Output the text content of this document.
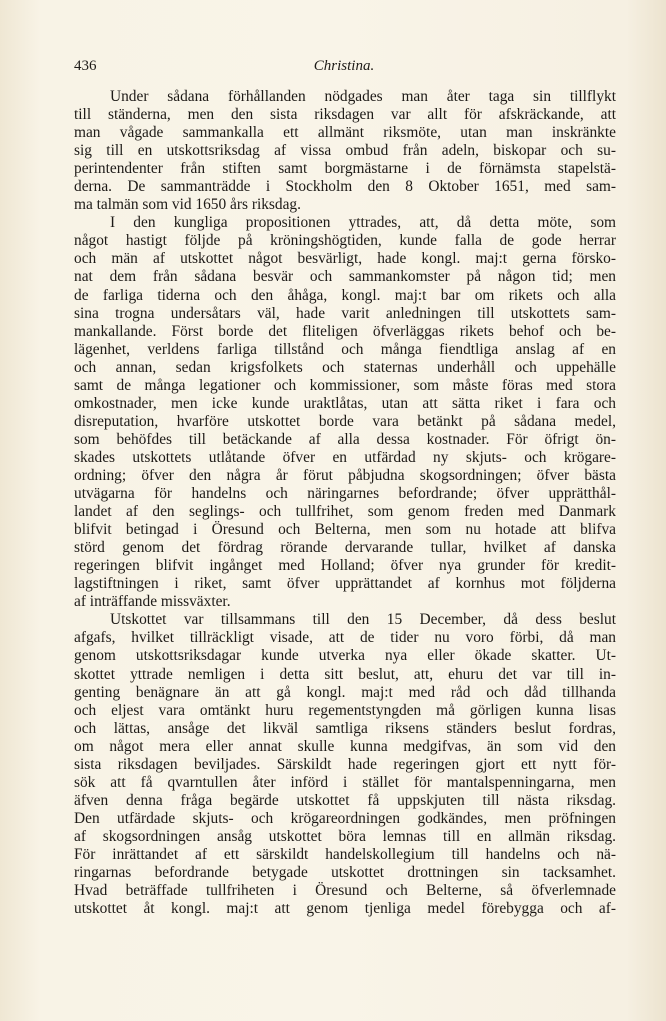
436	Christina.
Under sådana förhållanden nödgades man åter taga sin tillflykt
till ständerna, men den sista riksdagen var allt för afskräckande, att
man vågade sammankalla ett allmänt riksmöte, utan man inskränkte
sig till en utskottsriksdag af vissa ombud från adeln, biskopar och su-
perintendenter från stiften samt borgmästarne i de förnämsta stapelstä-
derna. De sammanträdde i Stockholm den 8 Oktober 1651, med sam-
ma talmän som vid 1650 års riksdag.
I den kungliga propositionen yttrades, att, då detta möte, som
något hastigt följde på kröningshögtiden, kunde falla de gode herrar
och män af utskottet något besvärligt, hade kongl. maj:t gerna försko-
nat dem från sådana besvär och sammankomster på någon tid; men
de farliga tiderna och den åhåga, kongl. maj:t bar om rikets och alla
sina trogna undersåtars väl, hade varit anledningen till utskottets sam-
mankallande. Först borde det fliteligen öfverläggas rikets behof och be-
lägenhet, verldens farliga tillstånd och många fiendtliga anslag af en
och annan, sedan krigsfolkets och staternas underhåll och uppehälle
samt de många legationer och kommissioner, som måste föras med stora
omkostnader, men icke kunde uraktlåtas, utan att sätta riket i fara och
disreputation, hvarföre utskottet borde vara betänkt på sådana medel,
som behöfdes till betäckande af alla dessa kostnader. För öfrigt ön-
skades utskottets utlåtande öfver en utfärdad ny skjuts- och krögare-
ordning; öfver den några år förut påbjudna skogsordningen; öfver bästa
utvägarna för handelns och näringarnes befordrande; öfver upprätthål-
landet af den seglings- och tullfrihet, som genom freden med Danmark
blifvit betingad i Öresund och Belterna, men som nu hotade att blifva
störd genom det fördrag rörande dervarande tullar, hvilket af danska
regeringen blifvit ingånget med Holland; öfver nya grunder för kredit-
lagstiftningen i riket, samt öfver upprättandet af kornhus mot följderna
af inträffande missväxter.
Utskottet var tillsammans till den 15 December, då dess beslut
afgafs, hvilket tillräckligt visade, att de tider nu voro förbi, då man
genom utskottsriksdagar kunde utverka nya eller ökade skatter. Ut-
skottet yttrade nemligen i detta sitt beslut, att, ehuru det var till in-
genting benägnare än att gå kongl. maj:t med råd och dåd tillhanda
och eljest vara omtänkt huru regementstyngden må görligen kunna lisas
och lättas, ansåge det likväl samtliga riksens ständers beslut fordras,
om något mera eller annat skulle kunna medgifvas, än som vid den
sista riksdagen beviljades. Särskildt hade regeringen gjort ett nytt för-
sök att få qvarntullen åter införd i stället för mantalspenningarna, men
äfven denna fråga begärde utskottet få uppskjuten till nästa riksdag.
Den utfärdade skjuts- och krögareordningen godkändes, men pröfningen
af skogsordningen ansåg utskottet böra lemnas till en allmän riksdag.
För inrättandet af ett särskildt handelskollegium till handelns och nä-
ringarnas befordrande betygade utskottet drottningen sin tacksamhet.
Hvad beträffade tullfriheten i Öresund och Belterne, så öfverlemnade
utskottet åt kongl. maj:t att genom tjenliga medel förebygga och af-
